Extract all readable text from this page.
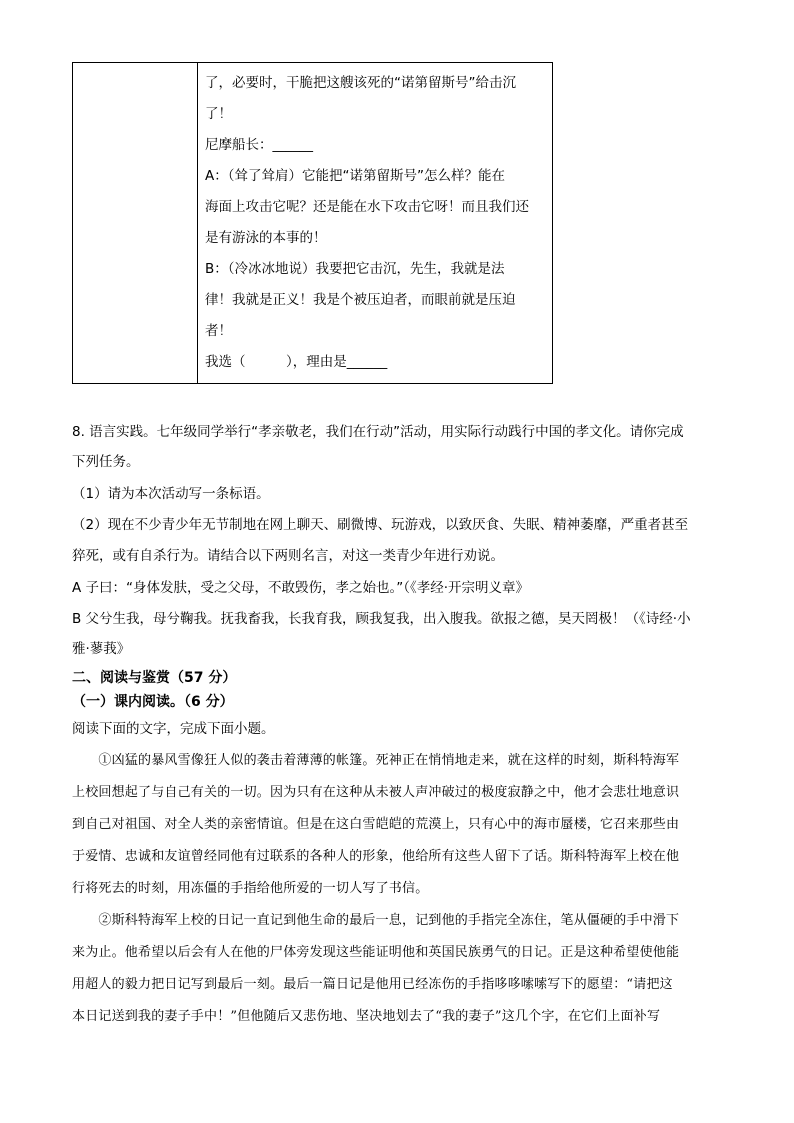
了，必要时，干脆把这艘该死的“诺第留斯号”给击沉
了！
尼摩船长：______
A：（耸了耸肩）它能把“诺第留斯号”怎么样？能在
海面上攻击它呢？还是能在水下攻击它呀！而且我们还
是有游泳的本事的！
B：（冷冰冰地说）我要把它击沉，先生，我就是法
律！我就是正义！我是个被压迫者，而眼前就是压迫
者！
我选（　　　），理由是______
8. 语言实践。七年级同学举行“孝亲敬老，我们在行动”活动，用实际行动践行中国的孝文化。请你完成
下列任务。
（1）请为本次活动写一条标语。
（2）现在不少青少年无节制地在网上聊天、刷微博、玩游戏，以致厌食、失眠、精神萎靡，严重者甚至
猝死，或有自杀行为。请结合以下两则名言，对这一类青少年进行劝说。
A 子曰：“身体发肤，受之父母，不敢毁伤，孝之始也。”（《孝经·开宗明义章》
B 父兮生我，母兮鞠我。抚我畜我，长我育我，顾我复我，出入腹我。欲报之德，昊天罔极！（《诗经·小
雅·蓼莪》
二、阅读与鉴赏（57 分）
（一）课内阅读。（6 分）
阅读下面的文字，完成下面小题。
　　①凶猛的暴风雪像狂人似的袭击着薄薄的帐篷。死神正在悄悄地走来，就在这样的时刻，斯科特海军
上校回想起了与自己有关的一切。因为只有在这种从未被人声冲破过的极度寂静之中，他才会悲壮地意识
到自己对祖国、对全人类的亲密情谊。但是在这白雪皑皑的荒漠上，只有心中的海市蜃楼，它召来那些由
于爱情、忠诚和友谊曾经同他有过联系的各种人的形象，他给所有这些人留下了话。斯科特海军上校在他
行将死去的时刻，用冻僵的手指给他所爱的一切人写了书信。
　　②斯科特海军上校的日记一直记到他生命的最后一息，记到他的手指完全冻住，笔从僵硬的手中滑下
来为止。他希望以后会有人在他的尸体旁发现这些能证明他和英国民族勇气的日记。正是这种希望使他能
用超人的毅力把日记写到最后一刻。最后一篇日记是他用已经冻伤的手指哆哆嗦嗦写下的愿望：“请把这
本日记送到我的妻子手中！”但他随后又悲伤地、坚决地划去了“我的妻子”这几个字，在它们上面补写
